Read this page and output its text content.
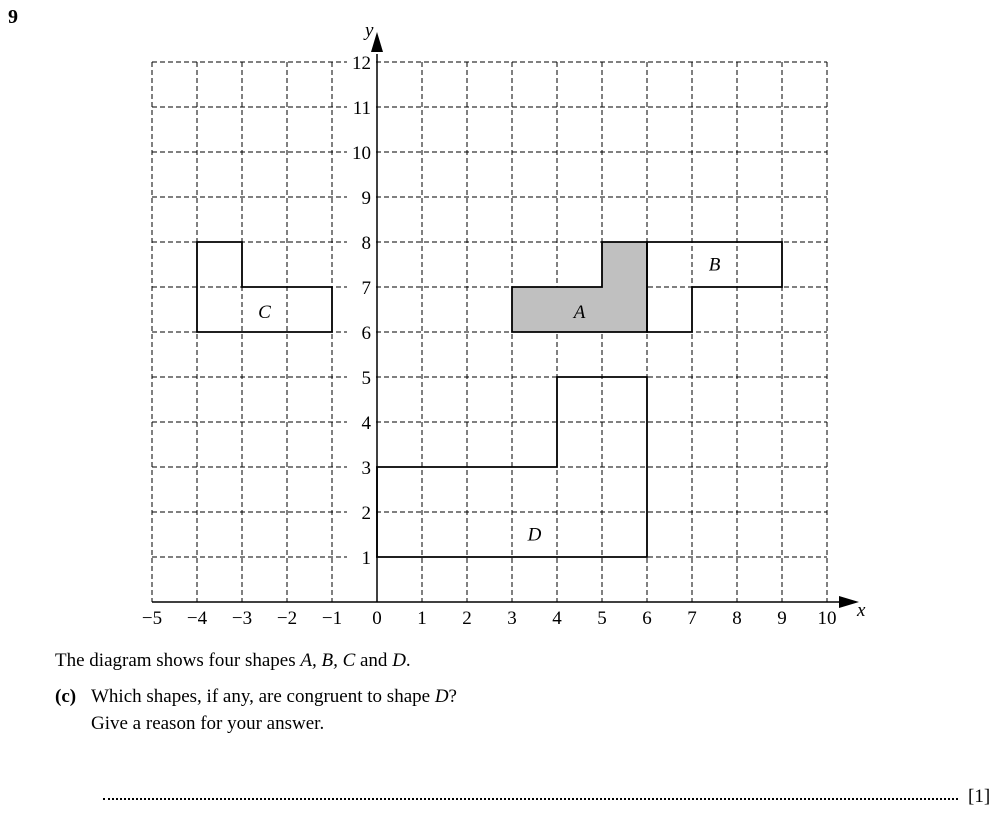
9
A
B
C
D
−5 −4 −3 −2 −1 0 1 2 3 4 5 6 7 8 9 10
1
2
3
4
5
6
7
8
9
10
11
12
x
y
The diagram shows four shapes A, B, C and D.
(c) Which shapes, if any, are congruent to shape D?
Give a reason for your answer.
[1]
